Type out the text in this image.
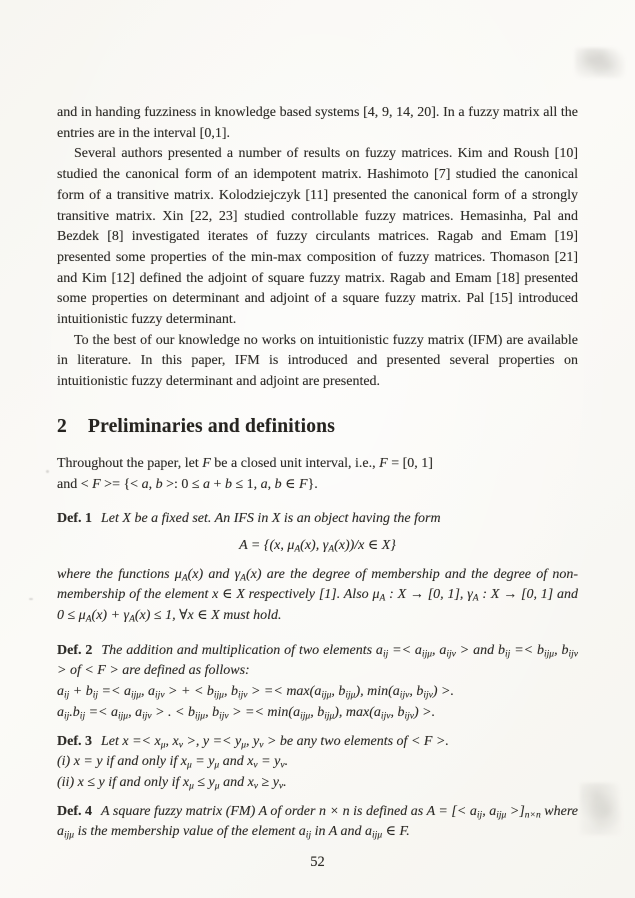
and in handing fuzziness in knowledge based systems [4, 9, 14, 20]. In a fuzzy matrix all the entries are in the interval [0,1].

Several authors presented a number of results on fuzzy matrices. Kim and Roush [10] studied the canonical form of an idempotent matrix. Hashimoto [7] studied the canonical form of a transitive matrix. Kolodziejczyk [11] presented the canonical form of a strongly transitive matrix. Xin [22, 23] studied controllable fuzzy matrices. Hemasinha, Pal and Bezdek [8] investigated iterates of fuzzy circulants matrices. Ragab and Emam [19] presented some properties of the min-max composition of fuzzy matrices. Thomason [21] and Kim [12] defined the adjoint of square fuzzy matrix. Ragab and Emam [18] presented some properties on determinant and adjoint of a square fuzzy matrix. Pal [15] introduced intuitionistic fuzzy determinant.

To the best of our knowledge no works on intuitionistic fuzzy matrix (IFM) are available in literature. In this paper, IFM is introduced and presented several properties on intuitionistic fuzzy determinant and adjoint are presented.

2 Preliminaries and definitions

Throughout the paper, let F be a closed unit interval, i.e., F = [0, 1]
and < F >= {< a, b >: 0 ≤ a + b ≤ 1, a, b ∈ F}.

Def. 1 Let X be a fixed set. An IFS in X is an object having the form

A = {(x, $\mu_A(x)$, $\gamma_A(x))/x$ ∈ X}

where the functions $\mu_A(x)$ and $\gamma_A(x)$ are the degree of membership and the degree of non-membership of the element x ∈ X respectively [1]. Also $\mu_A$ : X → [0, 1], $\gamma_A$ : X → [0, 1] and $0 \le \mu_A(x) + \gamma_A(x) \le 1$, ∀x ∈ X must hold.

Def. 2 The addition and multiplication of two elements $a_{ij} =< a_{ij\mu}$, $a_{ij\nu}$ > and $b_{ij} =< b_{ij\mu}$, $b_{ij\nu}$ > of < F > are defined as follows:

$a_{ij} + b_{ij} =< a_{ij\mu}$, $a_{ij\nu}$ > + < $b_{ij\mu}$, $b_{ij\nu}$ > =< $\max(a_{ij\mu}$, $b_{ij\mu}$), $\min(a_{ij\nu}$, $b_{ij\nu}$) >.

$a_{ij}.b_{ij} =< a_{ij\mu}$, $a_{ij\nu}$ > . < $b_{ij\mu}$, $b_{ij\nu}$ > =< $\min(a_{ij\mu}$, $b_{ij\mu}$), $\max(a_{ij\nu}$, $b_{ij\nu}$) >.

Def. 3 Let $x =< x_\mu$, $x_\nu$ >, $y =< y_\mu$, $y_\nu$ > be any two elements of < F >.

(i) x = y if and only if $x_\mu = y_\mu$ and $x_\nu = y_\nu$.

(ii) x ≤ y if and only if $x_\mu \le y_\mu$ and $x_\nu \ge y_\nu$.

Def. 4 A square fuzzy matrix (FM) A of order n × n is defined as A = [< $a_{ij}$, $a_{ij\mu} >]_{n\times n}$ where $a_{ij\mu}$ is the membership value of the element $a_{ij}$ in A and $a_{ij\mu}$ ∈ F.
52
